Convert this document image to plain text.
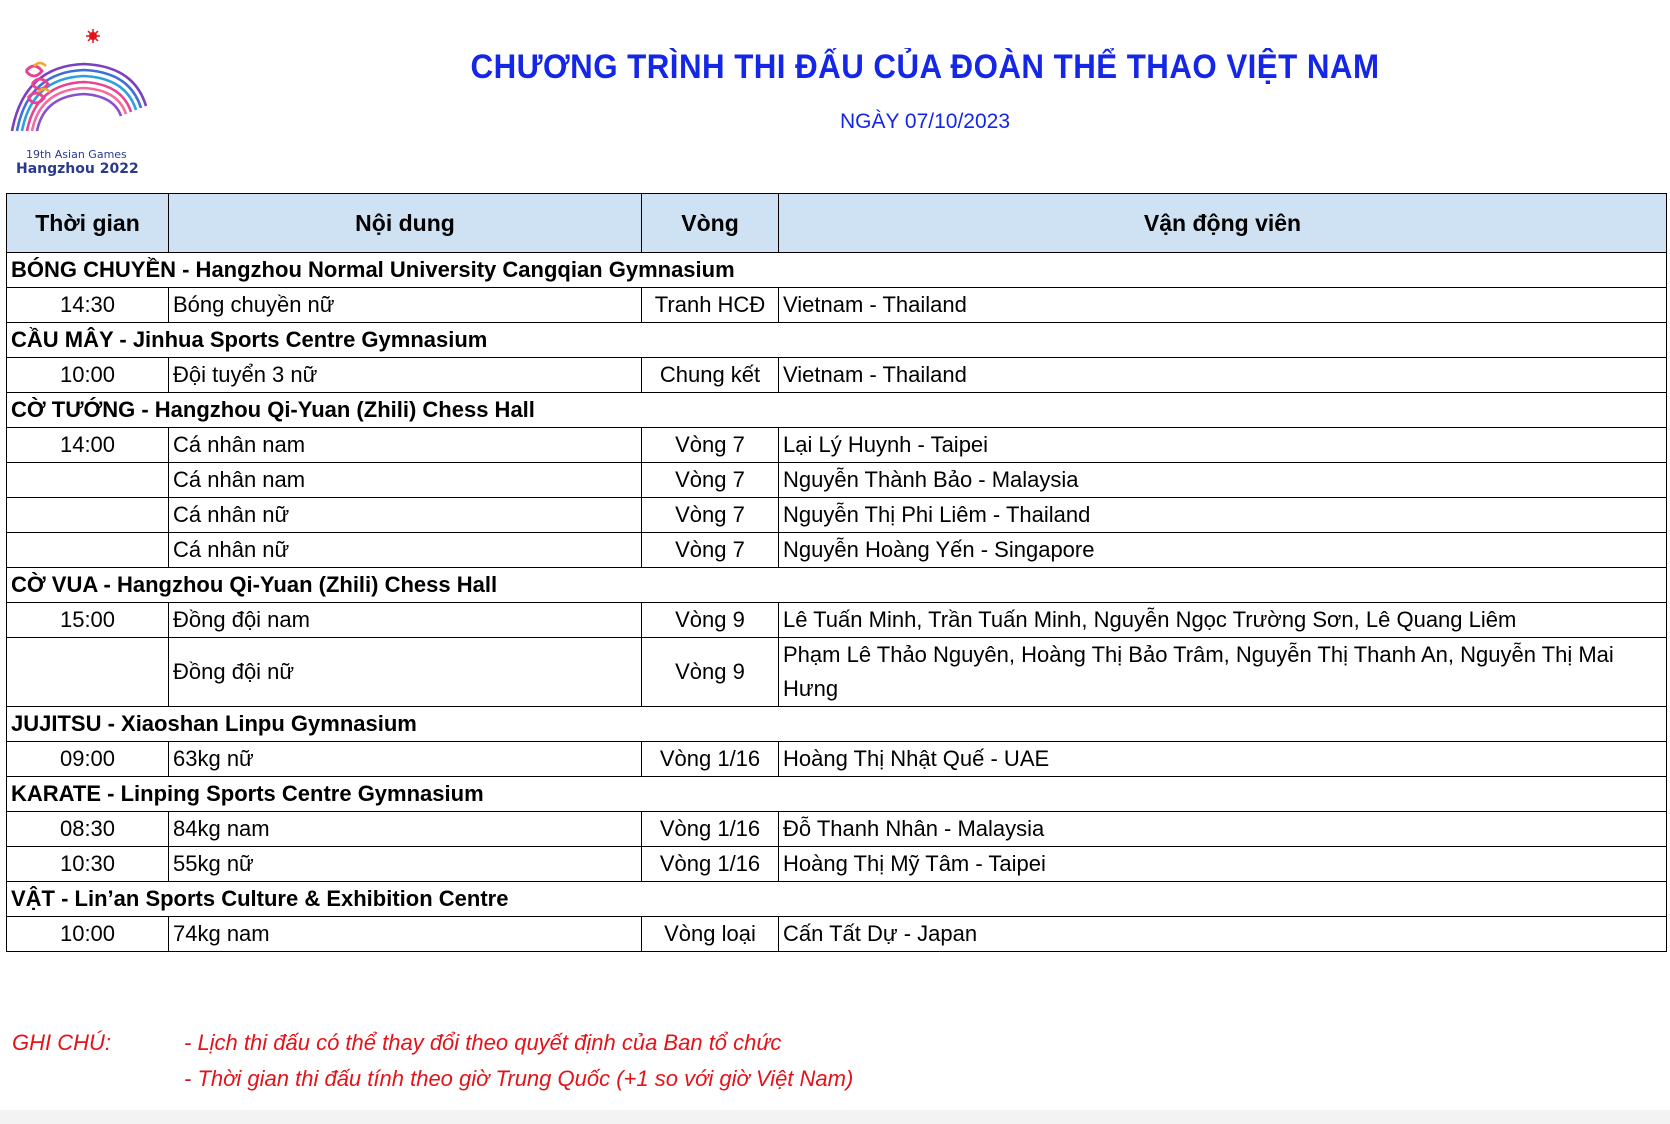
19th Asian Games
Hangzhou 2022
CHƯƠNG TRÌNH THI ĐẤU CỦA ĐOÀN THỂ THAO VIỆT NAM
NGÀY 07/10/2023
Thời gian	Nội dung	Vòng	Vận động viên
BÓNG CHUYỀN - Hangzhou Normal University Cangqian Gymnasium			
14:30	Bóng chuyền nữ	Tranh HCĐ	Vietnam - Thailand
CẦU MÂY - Jinhua Sports Centre Gymnasium			
10:00	Đội tuyển 3 nữ	Chung kết	Vietnam - Thailand
CỜ TƯỚNG - Hangzhou Qi-Yuan (Zhili) Chess Hall			
14:00	Cá nhân nam	Vòng 7	Lại Lý Huynh - Taipei
	Cá nhân nam	Vòng 7	Nguyễn Thành Bảo - Malaysia
	Cá nhân nữ	Vòng 7	Nguyễn Thị Phi Liêm - Thailand
	Cá nhân nữ	Vòng 7	Nguyễn Hoàng Yến - Singapore
CỜ VUA - Hangzhou Qi-Yuan (Zhili) Chess Hall			
15:00	Đồng đội nam	Vòng 9	Lê Tuấn Minh, Trần Tuấn Minh, Nguyễn Ngọc Trường Sơn, Lê Quang Liêm
	Đồng đội nữ	Vòng 9	Phạm Lê Thảo Nguyên, Hoàng Thị Bảo Trâm, Nguyễn Thị Thanh An, Nguyễn Thị Mai Hưng
JUJITSU - Xiaoshan Linpu Gymnasium			
09:00	63kg nữ	Vòng 1/16	Hoàng Thị Nhật Quế - UAE
KARATE - Linping Sports Centre Gymnasium			
08:30	84kg nam	Vòng 1/16	Đỗ Thanh Nhân - Malaysia
10:30	55kg nữ	Vòng 1/16	Hoàng Thị Mỹ Tâm - Taipei
VẬT - Lin’an Sports Culture & Exhibition Centre			
10:00	74kg nam	Vòng loại	Cấn Tất Dự - Japan
GHI CHÚ:	- Lịch thi đấu có thể thay đổi theo quyết định của Ban tổ chức
- Thời gian thi đấu tính theo giờ Trung Quốc (+1 so với giờ Việt Nam)
